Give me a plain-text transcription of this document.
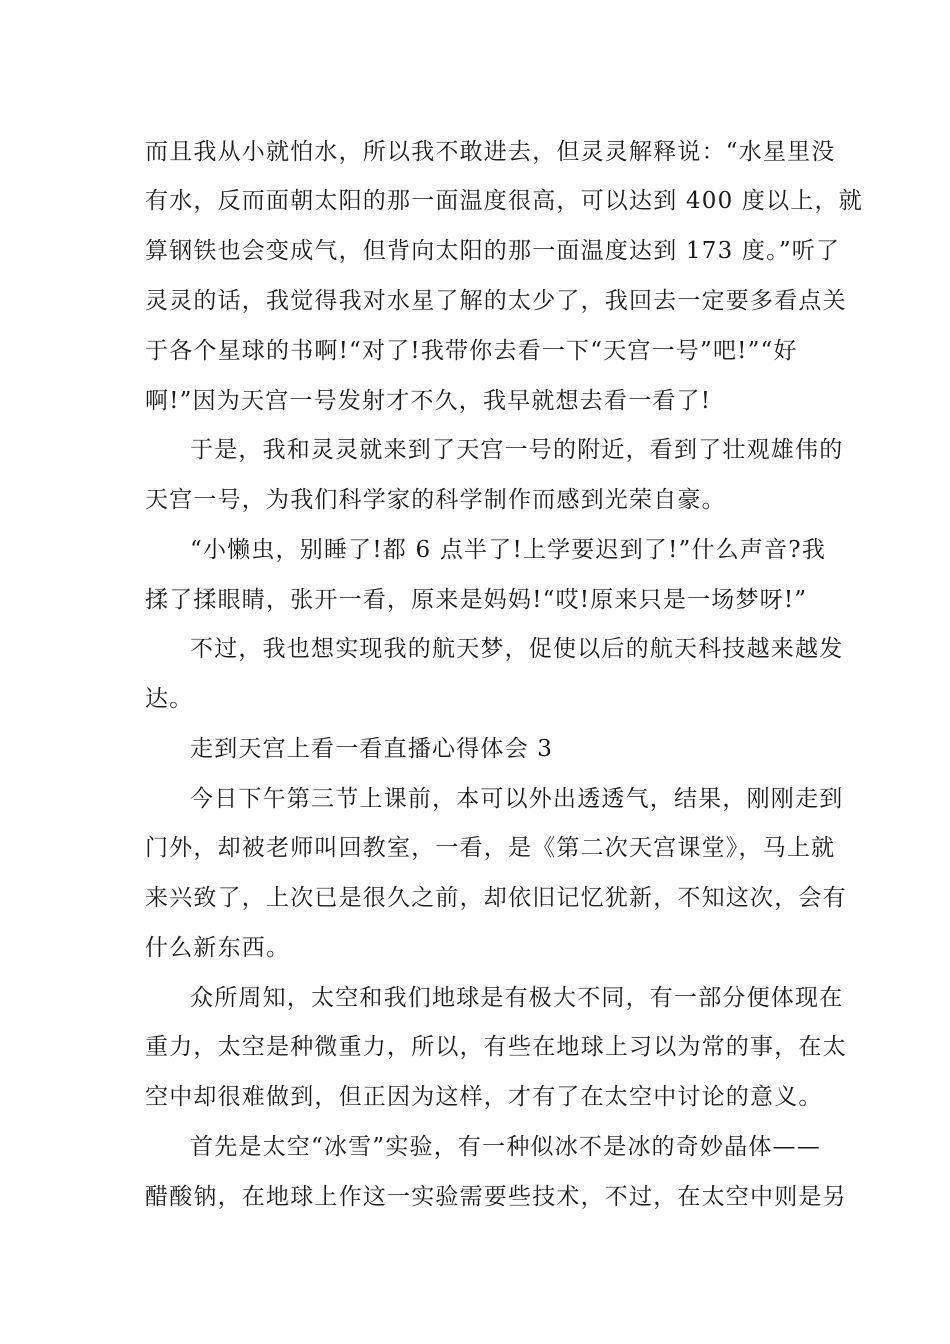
而且我从小就怕水，所以我不敢进去，但灵灵解释说：“水星里没
有水，反而面朝太阳的那一面温度很高，可以达到 400 度以上，就
算钢铁也会变成气，但背向太阳的那一面温度达到 173 度。”听了
灵灵的话，我觉得我对水星了解的太少了，我回去一定要多看点关
于各个星球的书啊!“对了!我带你去看一下“天宫一号”吧!”“好
啊!”因为天宫一号发射才不久，我早就想去看一看了!
于是，我和灵灵就来到了天宫一号的附近，看到了壮观雄伟的
天宫一号，为我们科学家的科学制作而感到光荣自豪。
“小懒虫，别睡了!都 6 点半了!上学要迟到了!”什么声音?我
揉了揉眼睛，张开一看，原来是妈妈!“哎!原来只是一场梦呀!”
不过，我也想实现我的航天梦，促使以后的航天科技越来越发
达。
走到天宫上看一看直播心得体会 3
今日下午第三节上课前，本可以外出透透气，结果，刚刚走到
门外，却被老师叫回教室，一看，是《第二次天宫课堂》，马上就
来兴致了，上次已是很久之前，却依旧记忆犹新，不知这次，会有
什么新东西。
众所周知，太空和我们地球是有极大不同，有一部分便体现在
重力，太空是种微重力，所以，有些在地球上习以为常的事，在太
空中却很难做到，但正因为这样，才有了在太空中讨论的意义。
首先是太空“冰雪”实验，有一种似冰不是冰的奇妙晶体——
醋酸钠，在地球上作这一实验需要些技术，不过，在太空中则是另
